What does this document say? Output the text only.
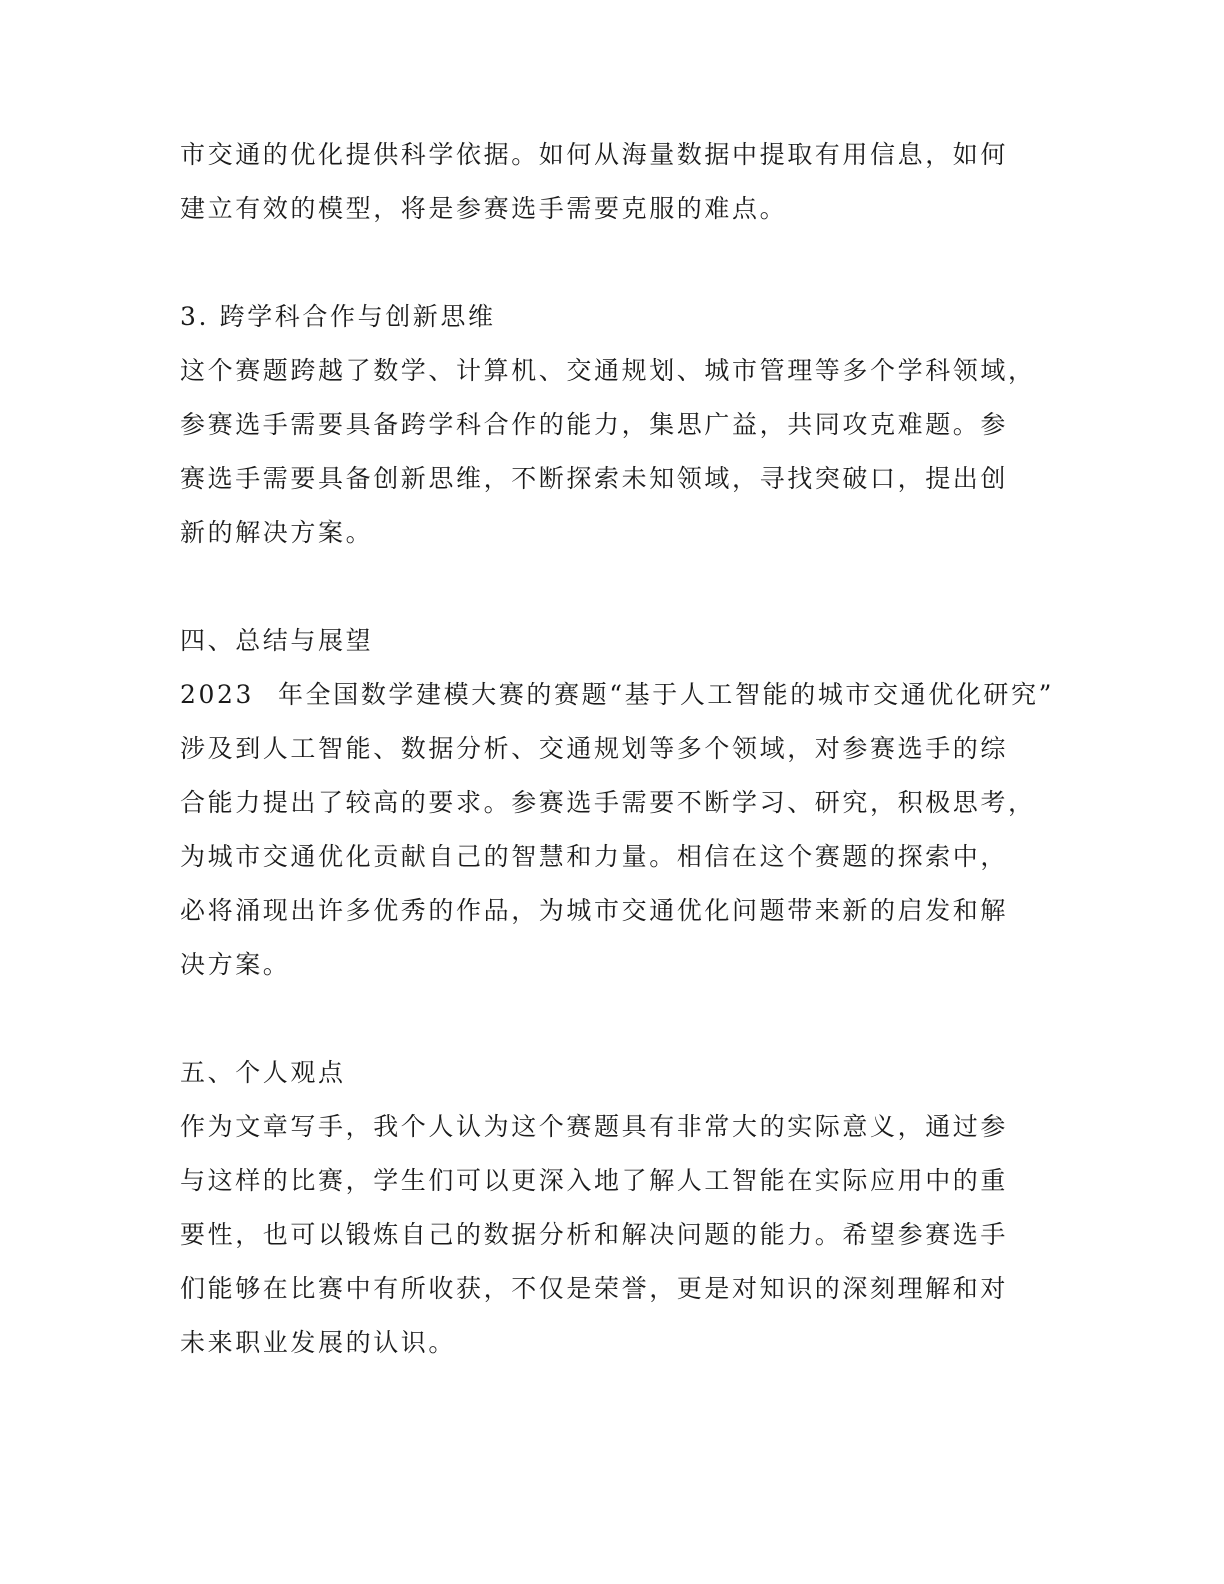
市交通的优化提供科学依据。如何从海量数据中提取有用信息，如何
建立有效的模型，将是参赛选手需要克服的难点。
3. 跨学科合作与创新思维
这个赛题跨越了数学、计算机、交通规划、城市管理等多个学科领域，
参赛选手需要具备跨学科合作的能力，集思广益，共同攻克难题。参
赛选手需要具备创新思维，不断探索未知领域，寻找突破口，提出创
新的解决方案。
四、总结与展望
2023 年全国数学建模大赛的赛题“基于人工智能的城市交通优化研究”
涉及到人工智能、数据分析、交通规划等多个领域，对参赛选手的综
合能力提出了较高的要求。参赛选手需要不断学习、研究，积极思考，
为城市交通优化贡献自己的智慧和力量。相信在这个赛题的探索中，
必将涌现出许多优秀的作品，为城市交通优化问题带来新的启发和解
决方案。
五、个人观点
作为文章写手，我个人认为这个赛题具有非常大的实际意义，通过参
与这样的比赛，学生们可以更深入地了解人工智能在实际应用中的重
要性，也可以锻炼自己的数据分析和解决问题的能力。希望参赛选手
们能够在比赛中有所收获，不仅是荣誉，更是对知识的深刻理解和对
未来职业发展的认识。
